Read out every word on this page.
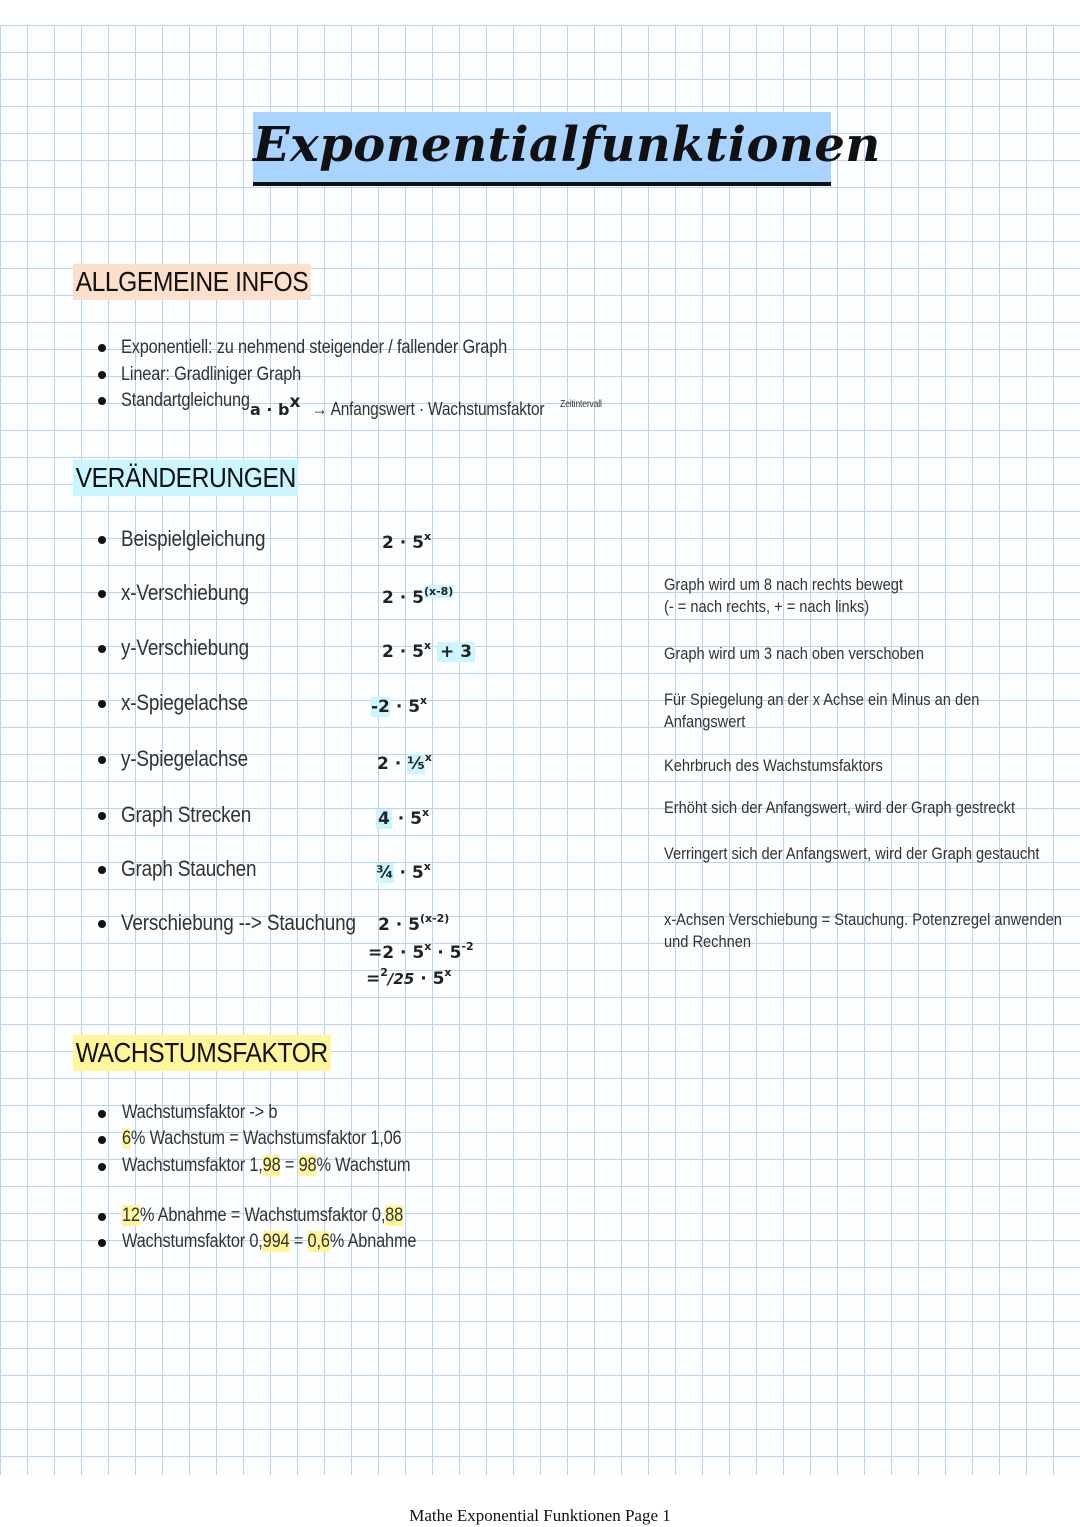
Exponentialfunktionen
ALLGEMEINE INFOS
Exponentiell: zu nehmend steigender / fallender Graph
Linear: Gradliniger Graph
Standartgleichung $a \cdot b^x$ → Anfangswert · Wachstumsfaktor $^{Zeitintervall}$
VERÄNDERUNGEN
Beispielgleichung
x-Verschiebung
y-Verschiebung
x-Spiegelachse
y-Spiegelachse
Graph Strecken
Graph Stauchen
Verschiebung --> Stauchung
$2 \cdot 5^x$
$2 \cdot 5^{(x-8)}$
$2 \cdot 5^x + 3$
$-2 \cdot 5^x$
2 · ⅕$^x$
$4 \cdot 5^x$
¾ · $5^x$
$2 \cdot 5^{(x-2)}$
$=2 \cdot 5^x \cdot 5^{-2}$
$=^2/25 \cdot 5^x$
Graph wird um 8 nach rechts bewegt
(- = nach rechts, + = nach links)
Graph wird um 3 nach oben verschoben
Für Spiegelung an der x Achse ein Minus an den
Anfangswert
Kehrbruch des Wachstumsfaktors
Erhöht sich der Anfangswert, wird der Graph gestreckt
Verringert sich der Anfangswert, wird der Graph gestaucht
x-Achsen Verschiebung = Stauchung. Potenzregel anwenden
und Rechnen
WACHSTUMSFAKTOR
Wachstumsfaktor -> b
6% Wachstum = Wachstumsfaktor 1,06
Wachstumsfaktor 1,98 = 98% Wachstum
12% Abnahme = Wachstumsfaktor 0,88
Wachstumsfaktor 0,994 = 0,6% Abnahme
Mathe Exponential Funktionen Page 1
